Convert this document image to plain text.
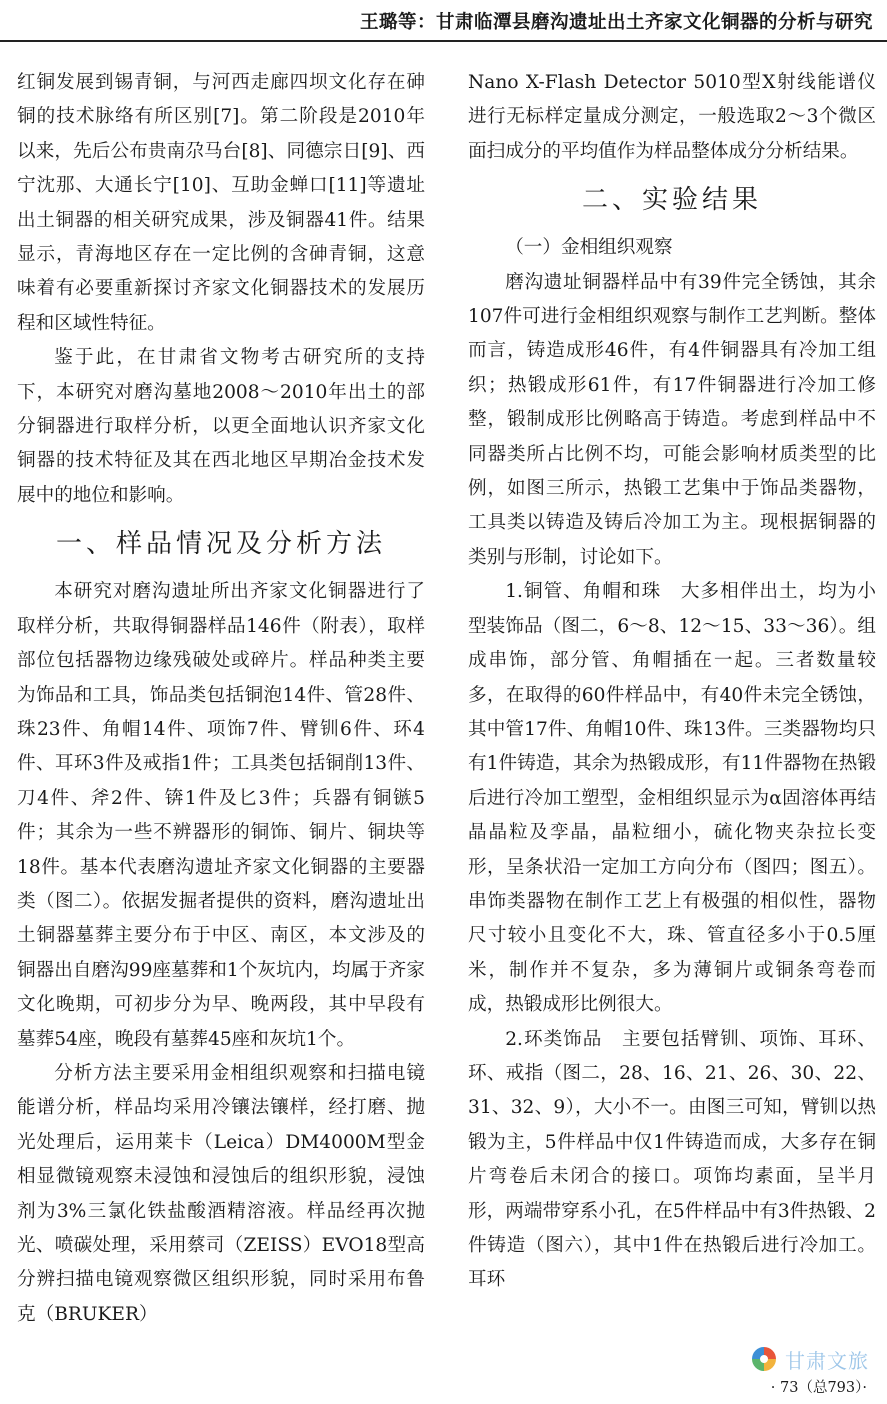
王璐等：甘肃临潭县磨沟遗址出土齐家文化铜器的分析与研究

红铜发展到锡青铜，与河西走廊四坝文化存在砷铜的技术脉络有所区别[7]。第二阶段是2010年以来，先后公布贵南尕马台[8]、同德宗日[9]、西宁沈那、大通长宁[10]、互助金蝉口[11]等遗址出土铜器的相关研究成果，涉及铜器41件。结果显示，青海地区存在一定比例的含砷青铜，这意味着有必要重新探讨齐家文化铜器技术的发展历程和区域性特征。

鉴于此，在甘肃省文物考古研究所的支持下，本研究对磨沟墓地2008～2010年出土的部分铜器进行取样分析，以更全面地认识齐家文化铜器的技术特征及其在西北地区早期冶金技术发展中的地位和影响。

一、样品情况及分析方法

本研究对磨沟遗址所出齐家文化铜器进行了取样分析，共取得铜器样品146件（附表），取样部位包括器物边缘残破处或碎片。样品种类主要为饰品和工具，饰品类包括铜泡14件、管28件、珠23件、角帽14件、项饰7件、臂钏6件、环4件、耳环3件及戒指1件；工具类包括铜削13件、刀4件、斧2件、锛1件及匕3件；兵器有铜镞5件；其余为一些不辨器形的铜饰、铜片、铜块等18件。基本代表磨沟遗址齐家文化铜器的主要器类（图二）。依据发掘者提供的资料，磨沟遗址出土铜器墓葬主要分布于中区、南区，本文涉及的铜器出自磨沟99座墓葬和1个灰坑内，均属于齐家文化晚期，可初步分为早、晚两段，其中早段有墓葬54座，晚段有墓葬45座和灰坑1个。

分析方法主要采用金相组织观察和扫描电镜能谱分析，样品均采用冷镶法镶样，经打磨、抛光处理后，运用莱卡（Leica）DM4000M型金相显微镜观察未浸蚀和浸蚀后的组织形貌，浸蚀剂为3%三氯化铁盐酸酒精溶液。样品经再次抛光、喷碳处理，采用蔡司（ZEISS）EVO18型高分辨扫描电镜观察微区组织形貌，同时采用布鲁克（BRUKER）

Nano X-Flash Detector 5010型X射线能谱仪进行无标样定量成分测定，一般选取2～3个微区面扫成分的平均值作为样品整体成分分析结果。

二、实验结果

（一）金相组织观察

磨沟遗址铜器样品中有39件完全锈蚀，其余107件可进行金相组织观察与制作工艺判断。整体而言，铸造成形46件，有4件铜器具有冷加工组织；热锻成形61件，有17件铜器进行冷加工修整，锻制成形比例略高于铸造。考虑到样品中不同器类所占比例不均，可能会影响材质类型的比例，如图三所示，热锻工艺集中于饰品类器物，工具类以铸造及铸后冷加工为主。现根据铜器的类别与形制，讨论如下。

1.铜管、角帽和珠　大多相伴出土，均为小型装饰品（图二，6～8、12～15、33～36）。组成串饰，部分管、角帽插在一起。三者数量较多，在取得的60件样品中，有40件未完全锈蚀，其中管17件、角帽10件、珠13件。三类器物均只有1件铸造，其余为热锻成形，有11件器物在热锻后进行冷加工塑型，金相组织显示为α固溶体再结晶晶粒及孪晶，晶粒细小，硫化物夹杂拉长变形，呈条状沿一定加工方向分布（图四；图五）。串饰类器物在制作工艺上有极强的相似性，器物尺寸较小且变化不大，珠、管直径多小于0.5厘米，制作并不复杂，多为薄铜片或铜条弯卷而成，热锻成形比例很大。

2.环类饰品　主要包括臂钏、项饰、耳环、环、戒指（图二，28、16、21、26、30、22、31、32、9），大小不一。由图三可知，臂钏以热锻为主，5件样品中仅1件铸造而成，大多存在铜片弯卷后未闭合的接口。项饰均素面，呈半月形，两端带穿系小孔，在5件样品中有3件热锻、2件铸造（图六），其中1件在热锻后进行冷加工。耳环

甘肃文旅
· 73（总793）·
